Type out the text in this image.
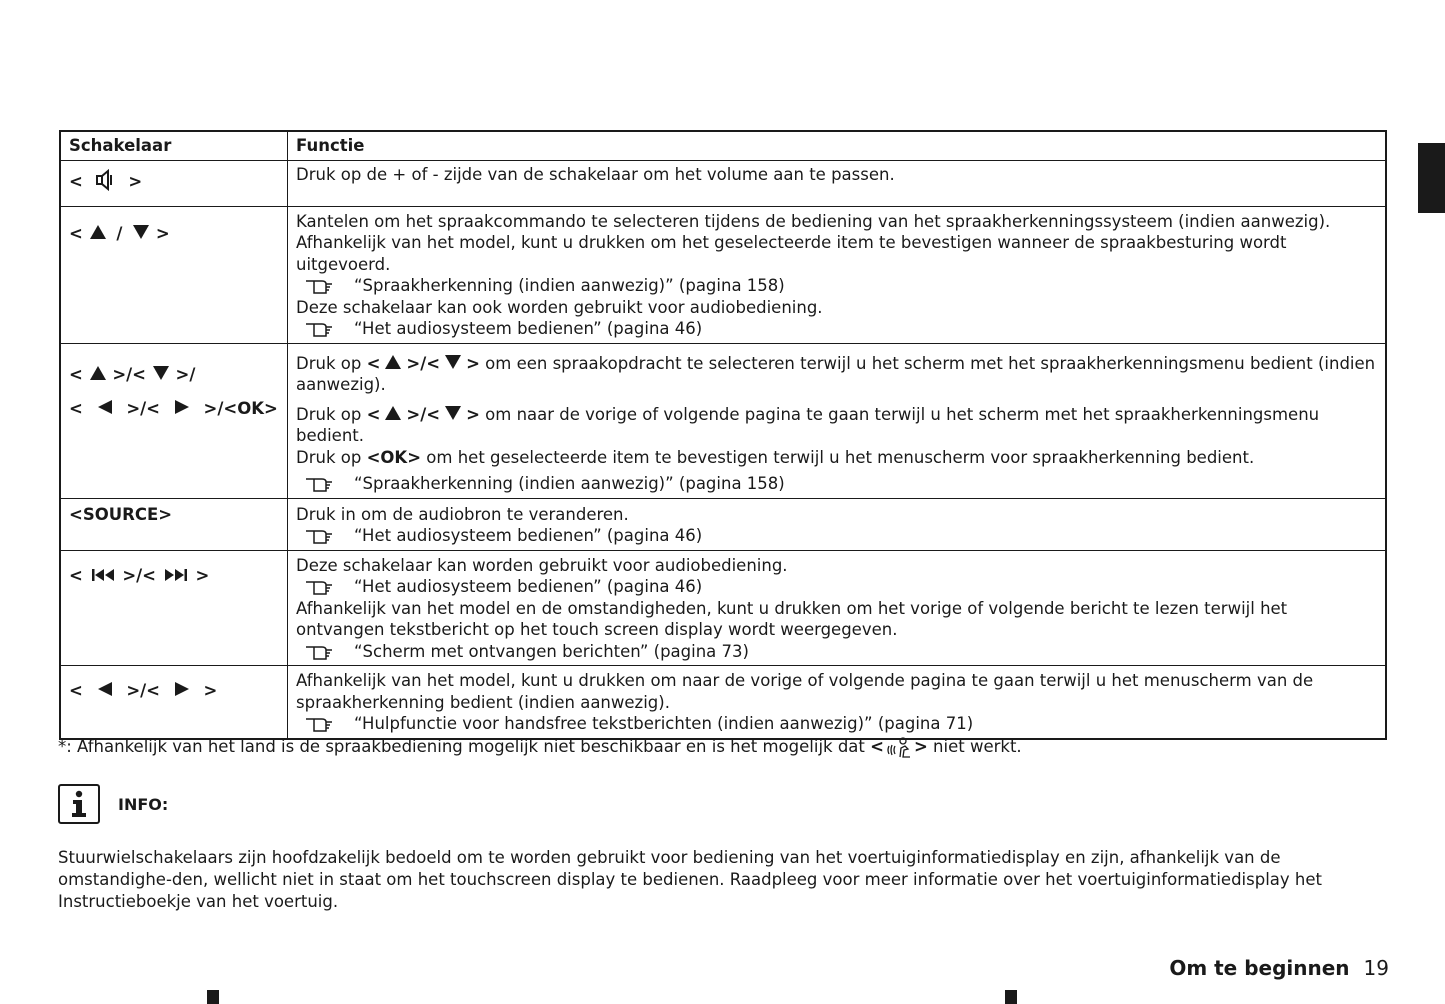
Schakelaar	Functie
< >	Druk op de + of - zijde van de schakelaar om het volume aan te passen.

< / >	Kantelen om het spraakcommando te selecteren tijdens de bediening van het spraakherkenningssysteem (indien aanwezig).
Afhankelijk van het model, kunt u drukken om het geselecteerde item te bevestigen wanneer de spraakbesturing wordt uitgevoerd.
“Spraakherkenning (indien aanwezig)” (pagina 158)
Deze schakelaar kan ook worden gebruikt voor audiobediening.
“Het audiosysteem bedienen” (pagina 46)

< >/< >/
< >/< >/<OK>	Druk op < >/< > om een spraakopdracht te selecteren terwijl u het scherm met het spraakherkenningsmenu bedient (indien aanwezig).
Druk op < >/< > om naar de vorige of volgende pagina te gaan terwijl u het scherm met het spraakherkenningsmenu bedient.
Druk op <OK> om het geselecteerde item te bevestigen terwijl u het menuscherm voor spraakherkenning bedient.
“Spraakherkenning (indien aanwezig)” (pagina 158)

<SOURCE>	Druk in om de audiobron te veranderen.
“Het audiosysteem bedienen” (pagina 46)

< >/< >	Deze schakelaar kan worden gebruikt voor audiobediening.
“Het audiosysteem bedienen” (pagina 46)
Afhankelijk van het model en de omstandigheden, kunt u drukken om het vorige of volgende bericht te lezen terwijl het ontvangen tekstbericht op het touch screen display wordt weergegeven.
“Scherm met ontvangen berichten” (pagina 73)

< >/< >	Afhankelijk van het model, kunt u drukken om naar de vorige of volgende pagina te gaan terwijl u het menuscherm van de spraakherkenning bedient (indien aanwezig).
“Hulpfunctie voor handsfree tekstberichten (indien aanwezig)” (pagina 71)
*: Afhankelijk van het land is de spraakbediening mogelijk niet beschikbaar en is het mogelijk dat < > niet werkt.
INFO:
Stuurwielschakelaars zijn hoofdzakelijk bedoeld om te worden gebruikt voor bediening van het voertuiginformatiedisplay en zijn, afhankelijk van de omstandighe-den, wellicht niet in staat om het touchscreen display te bedienen. Raadpleeg voor meer informatie over het voertuiginformatiedisplay het Instructieboekje van het voertuig.
Om te beginnen 19
